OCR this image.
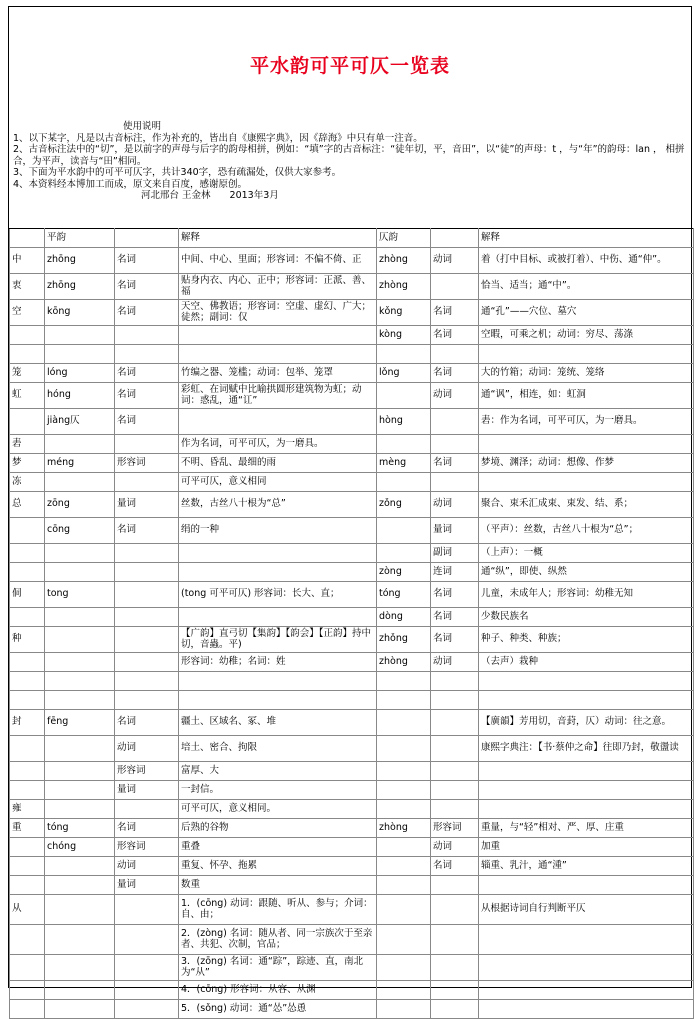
平水韵可平可仄一览表
使用说明
1、以下某字，凡是以古音标注，作为补充的，皆出自《康熙字典》，因《辞海》中只有单一注音。
2、古音标注法中的“切”，是以前字的声母与后字的韵母相拼，例如：“填”字的古音标注：“徒年切，平，音田”，以“徒”的声母：t ，与“年”的韵母：lan ， 相拼合，为平声，读音与“田”相同。
3、下面为平水韵中的可平可仄字，共计340字，恐有疏漏处，仅供大家参考。
4、本资料经本博加工而成，原文来自百度，感谢原创。
河北邢台 王金林　　2013年3月
	平韵		解释	仄韵		解释
中	zhōng	名词	中间、中心、里面；形容词：不偏不倚、正	zhòng	动词	着（打中目标、或被打着）、中伤、通“仲”。
衷	zhōng	名词	贴身内衣、内心、正中；形容词：正派、善、福	zhòng		恰当、适当；通“中”。
空	kōng	名词	天空、佛教语；形容词：空虚、虚幻、广大；徒然；副词：仅	kǒng	名词	通“孔”——穴位、墓穴
				kòng	名词	空暇，可乘之机；动词：穷尽、荡涤

笼	lóng	名词	竹编之器、笼槛；动词：包举、笼罩	lǒng	名词	大的竹箱；动词：笼统、笼络
虹	hóng	名词	彩虹、在词赋中比喻拱圆形建筑物为虹；动词：惑乱，通“讧”		动词	通“讽”，相连，如：虹洞
	jiàng仄	名词		hòng		砉：作为名词，可平可仄，为一磨具。
砉			作为名词，可平可仄，为一磨具。			
梦	méng	形容词	不明、昏乱、最细的雨	mèng	名词	梦境、渊泽；动词：想像、作梦
冻			可平可仄，意义相同			
总	zōng	量词	丝数，古丝八十根为“总”	zǒng	动词	聚合、束禾汇成束、束发、结、系；
	cōng	名词	绢的一种		量词	（平声）：丝数，古丝八十根为“总”；
					副词	（上声）：一概
				zòng	连词	通“纵”，即使、纵然
侗	tong		(tong 可平可仄) 形容词：长大、直；	tóng	名词	儿童，未成年人；形容词：幼稚无知
				dòng	名词	少数民族名
种			【广韵】直弓切【集韵】【韵会】【正韵】持中切，音蟲。平)	zhǒng	名词	种子、种类、种族；
			形容词：幼稚；名词：姓	zhòng	动词	（去声）栽种

封	fēng	名词	疆土、区域名、冢、堆			【廣韻】芳用切，音葑，仄）动词：往之意。
		动词	培土、密合、拘限			康熙字典注：【书·蔡仲之命】往即乃封，敬盪读
		形容词	富厚、大			
		量词	一封信。			
雍			可平可仄，意义相同。			
重	tóng	名词	后熟的谷物	zhòng	形容词	重量，与“轻”相对、严、厚、庄重
	chóng	形容词	重叠		动词	加重
		动词	重复、怀孕、拖累		名词	辎重、乳汁，通“湩”
		量词	数重			
从			1．(cōng) 动词：跟随、听从、参与；介词：自、由；			从根据诗词自行判断平仄
			2．(zòng) 名词：随从者、同一宗族次于至亲者、共犯、次制，官品；			
			3．(zōng) 名词：通“踪”，踪迹、直，南北为“从”			
			4．(cōng) 形容词：从容、从渊			
			5．(sǒng) 动词：通“怂”怂恿			
